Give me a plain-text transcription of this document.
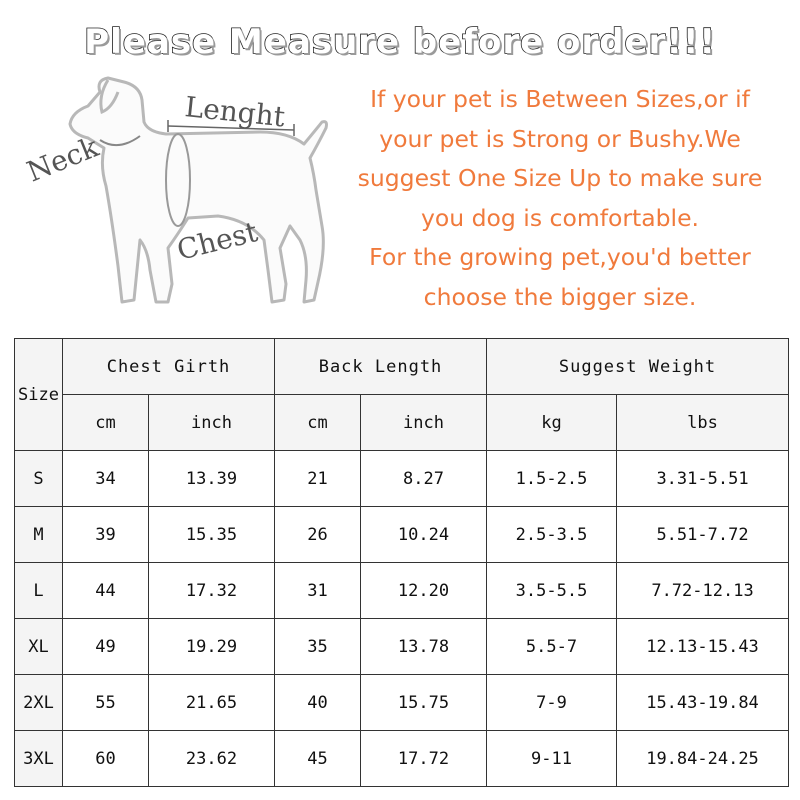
Please Measure before order!!!
Neck
Lenght
Chest
If your pet is Between Sizes,or if
your pet is Strong or Bushy.We
suggest One Size Up to make sure
you dog is comfortable.
For the growing pet,you'd better
choose the bigger size.
Size	Chest Girth		Back Length		Suggest Weight	
	cm	inch	cm	inch	kg	lbs
S	34	13.39	21	8.27	1.5-2.5	3.31-5.51
M	39	15.35	26	10.24	2.5-3.5	5.51-7.72
L	44	17.32	31	12.20	3.5-5.5	7.72-12.13
XL	49	19.29	35	13.78	5.5-7	12.13-15.43
2XL	55	21.65	40	15.75	7-9	15.43-19.84
3XL	60	23.62	45	17.72	9-11	19.84-24.25
